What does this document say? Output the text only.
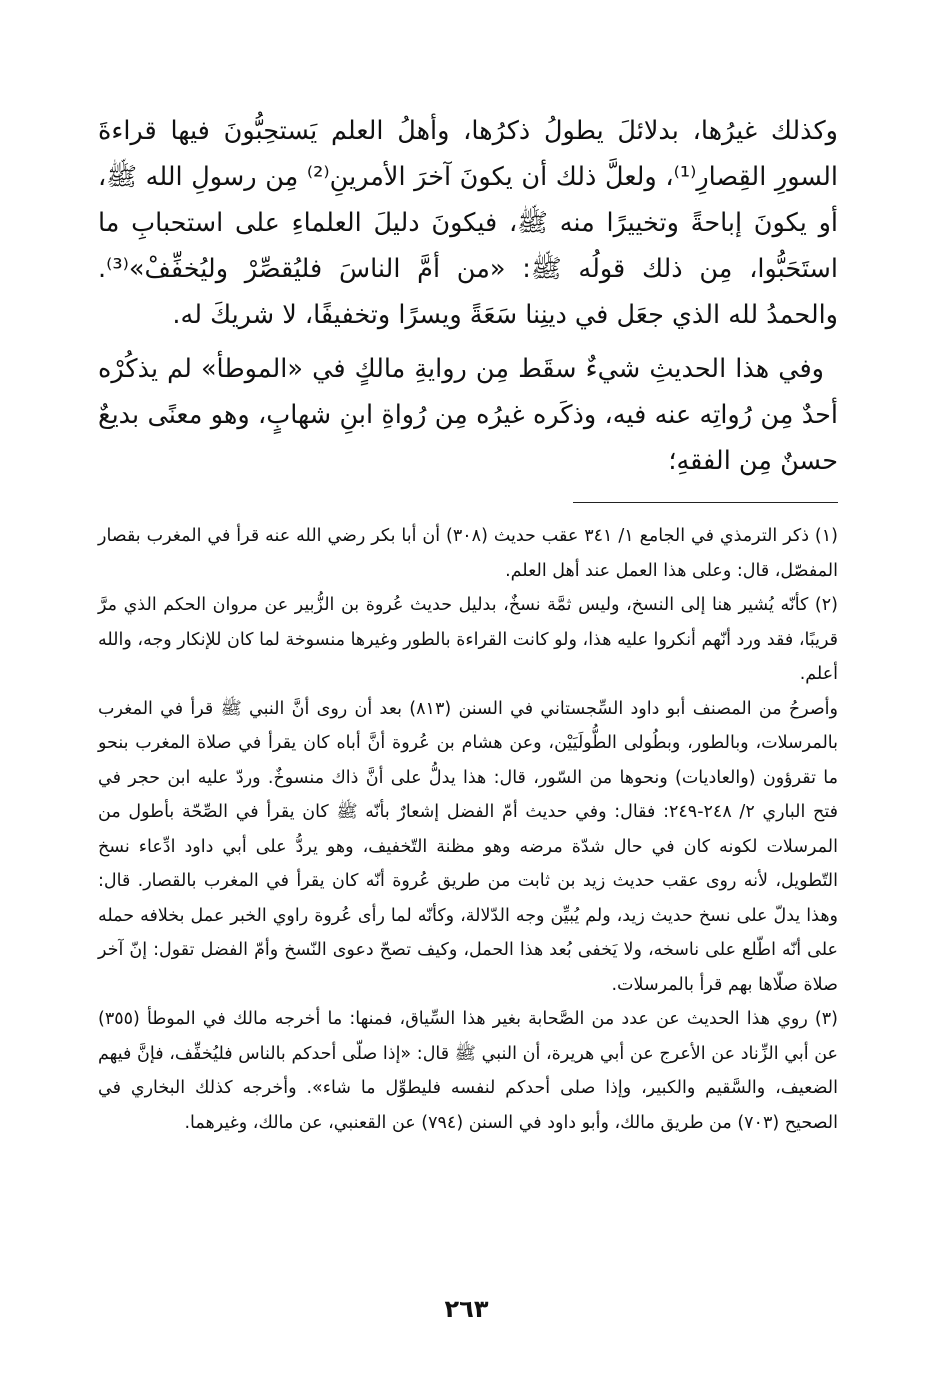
وكذلك غيرُها، بدلائلَ يطولُ ذكرُها، وأهلُ العلم يَستحِبُّونَ فيها قراءةَ السورِ القِصارِ⁽¹⁾، ولعلَّ ذلك أن يكونَ آخرَ الأمرينِ⁽²⁾ مِن رسولِ الله ﷺ، أو يكونَ إباحةً وتخييرًا منه ﷺ، فيكونَ دليلَ العلماءِ على استحبابِ ما استَحَبُّوا، مِن ذلك قولُه ﷺ: «من أمَّ الناسَ فليُقصِّرْ وليُخفِّفْ»⁽³⁾. والحمدُ لله الذي جعَل في دينِنا سَعَةً ويسرًا وتخفيفًا، لا شريكَ له.

وفي هذا الحديثِ شيءٌ سقَط مِن روايةِ مالكٍ في «الموطأ» لم يذكُرْه أحدٌ مِن رُواتِه عنه فيه، وذكَره غيرُه مِن رُواةِ ابنِ شهابٍ، وهو معنًى بديعٌ حسنٌ مِن الفقهِ؛

(١) ذكر الترمذي في الجامع ١/ ٣٤١ عقب حديث (٣٠٨) أن أبا بكر رضي الله عنه قرأ في المغرب بقصار المفصّل، قال: وعلى هذا العمل عند أهل العلم.

(٢) كأنّه يُشير هنا إلى النسخ، وليس ثمَّة نسخٌ، بدليل حديث عُروة بن الزُّبير عن مروان الحكم الذي مرَّ قريبًا، فقد ورد أنّهم أنكروا عليه هذا، ولو كانت القراءة بالطور وغيرها منسوخة لما كان للإنكار وجه، والله أعلم.

وأصرحُ من المصنف أبو داود السِّجستاني في السنن (٨١٣) بعد أن روى أنَّ النبي ﷺ قرأ في المغرب بالمرسلات، وبالطور، وبطُولى الطُّولَيَيْن، وعن هشام بن عُروة أنَّ أباه كان يقرأ في صلاة المغرب بنحو ما تقرؤون (والعاديات) ونحوها من السّور، قال: هذا يدلُّ على أنَّ ذاك منسوخٌ. وردّ عليه ابن حجر في فتح الباري ٢/ ٢٤٨-٢٤٩: فقال: وفي حديث أمّ الفضل إشعارٌ بأنّه ﷺ كان يقرأ في الصِّحّة بأطول من المرسلات لكونه كان في حال شدّة مرضه وهو مظنة التّخفيف، وهو يردُّ على أبي داود ادِّعاء نسخ التّطويل، لأنه روى عقب حديث زيد بن ثابت من طريق عُروة أنّه كان يقرأ في المغرب بالقصار. قال: وهذا يدلّ على نسخ حديث زيد، ولم يُبيِّن وجه الدّلالة، وكأنّه لما رأى عُروة راوي الخبر عمل بخلافه حمله على أنّه اطّلع على ناسخه، ولا يَخفى بُعد هذا الحمل، وكيف تصحّ دعوى النّسخ وأمّ الفضل تقول: إنّ آخر صلاة صلّاها بهم قرأ بالمرسلات.

(٣) روي هذا الحديث عن عدد من الصَّحابة بغير هذا السِّياق، فمنها: ما أخرجه مالك في الموطأ (٣٥٥) عن أبي الزِّناد عن الأعرج عن أبي هريرة، أن النبي ﷺ قال: «إذا صلّى أحدكم بالناس فليُخفِّف، فإنَّ فيهم الضعيف، والسَّقيم والكبير، وإذا صلى أحدكم لنفسه فليطوِّل ما شاء». وأخرجه كذلك البخاري في الصحيح (٧٠٣) من طريق مالك، وأبو داود في السنن (٧٩٤) عن القعنبي، عن مالك، وغيرهما.

٢٦٣
